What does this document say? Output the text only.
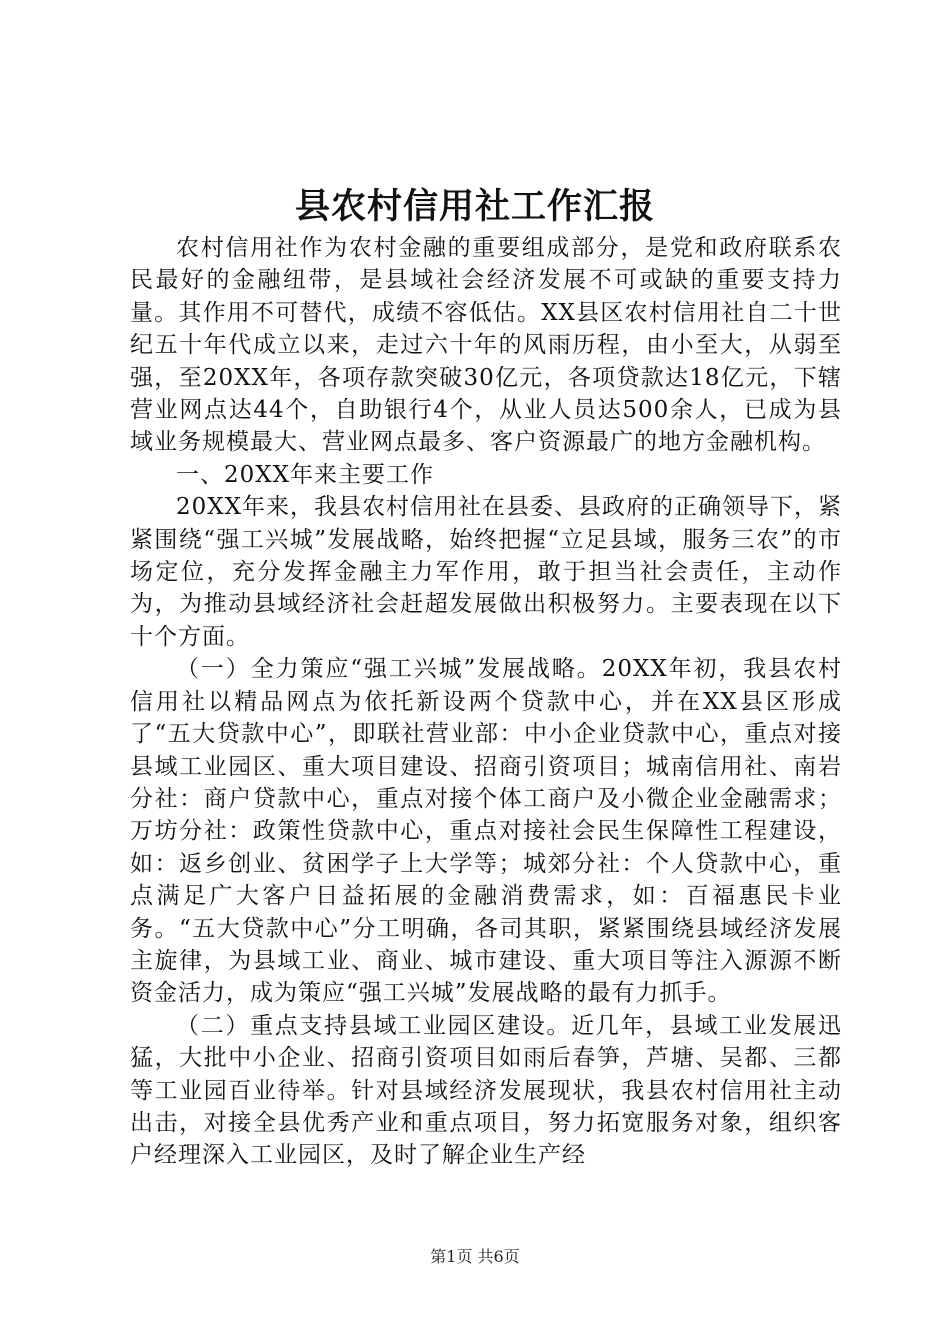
县农村信用社工作汇报

农村信用社作为农村金融的重要组成部分，是党和政府联系农民最好的金融纽带，是县域社会经济发展不可或缺的重要支持力量。其作用不可替代，成绩不容低估。XX县区农村信用社自二十世纪五十年代成立以来，走过六十年的风雨历程，由小至大，从弱至强，至20XX年，各项存款突破30亿元，各项贷款达18亿元，下辖营业网点达44个，自助银行4个，从业人员达500余人，已成为县域业务规模最大、营业网点最多、客户资源最广的地方金融机构。

一、20XX年来主要工作

20XX年来，我县农村信用社在县委、县政府的正确领导下，紧紧围绕“强工兴城”发展战略，始终把握“立足县域，服务三农”的市场定位，充分发挥金融主力军作用，敢于担当社会责任，主动作为，为推动县域经济社会赶超发展做出积极努力。主要表现在以下十个方面。

（一）全力策应“强工兴城”发展战略。20XX年初，我县农村信用社以精品网点为依托新设两个贷款中心，并在XX县区形成了“五大贷款中心”，即联社营业部：中小企业贷款中心，重点对接县域工业园区、重大项目建设、招商引资项目；城南信用社、南岩分社：商户贷款中心，重点对接个体工商户及小微企业金融需求；万坊分社：政策性贷款中心，重点对接社会民生保障性工程建设，如：返乡创业、贫困学子上大学等；城郊分社：个人贷款中心，重点满足广大客户日益拓展的金融消费需求，如：百福惠民卡业务。“五大贷款中心”分工明确，各司其职，紧紧围绕县域经济发展主旋律，为县域工业、商业、城市建设、重大项目等注入源源不断资金活力，成为策应“强工兴城”发展战略的最有力抓手。

（二）重点支持县域工业园区建设。近几年，县域工业发展迅猛，大批中小企业、招商引资项目如雨后春笋，芦塘、吴都、三都等工业园百业待举。针对县域经济发展现状，我县农村信用社主动出击，对接全县优秀产业和重点项目，努力拓宽服务对象，组织客户经理深入工业园区，及时了解企业生产经

第1页 共6页
